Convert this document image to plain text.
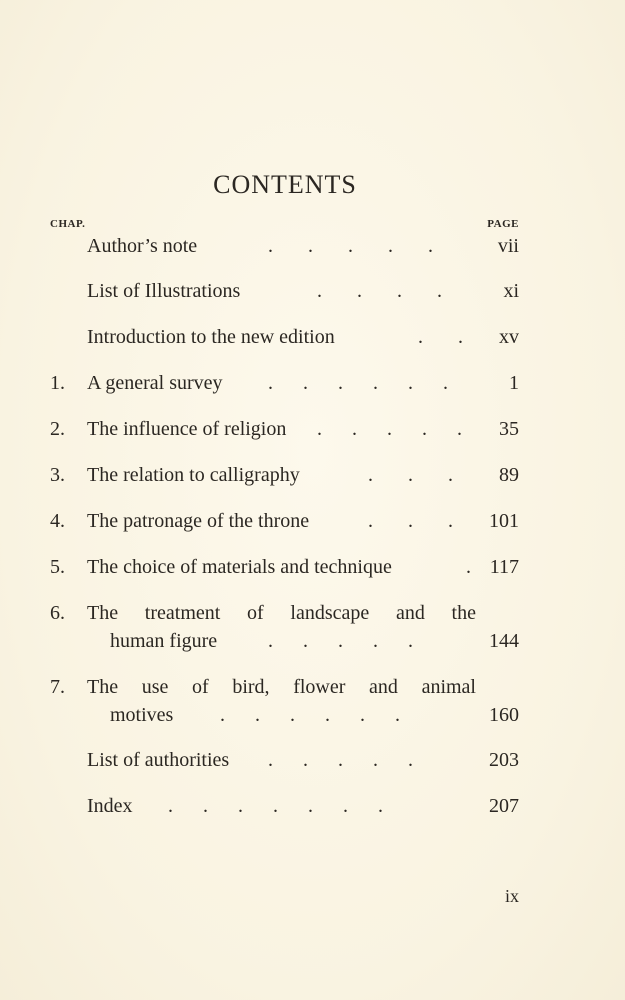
CONTENTS
CHAP.	PAGE
Author’s note	.       .       .       .       .	vii
List of Illustrations	.       .       .       .	xi
Introduction to the new edition	.       . xv
1.	A general survey .      .      .      .      .      .	1
2.	The influence of religion .      .      .      .      . 35
3.	The relation to calligraphy	.       .       . 89
4.	The patronage of the throne	.       .       . 101
5.	The choice of materials and technique	. 117
6.	The treatment of landscape and the
human figure	.      .      .      .      .	144
7.	The use of bird, flower and animal
motives .      .      .      .      .      .	160
List of authorities .      .      .      .      .	203
Index .      .      .      .      .      .      .	207
ix
